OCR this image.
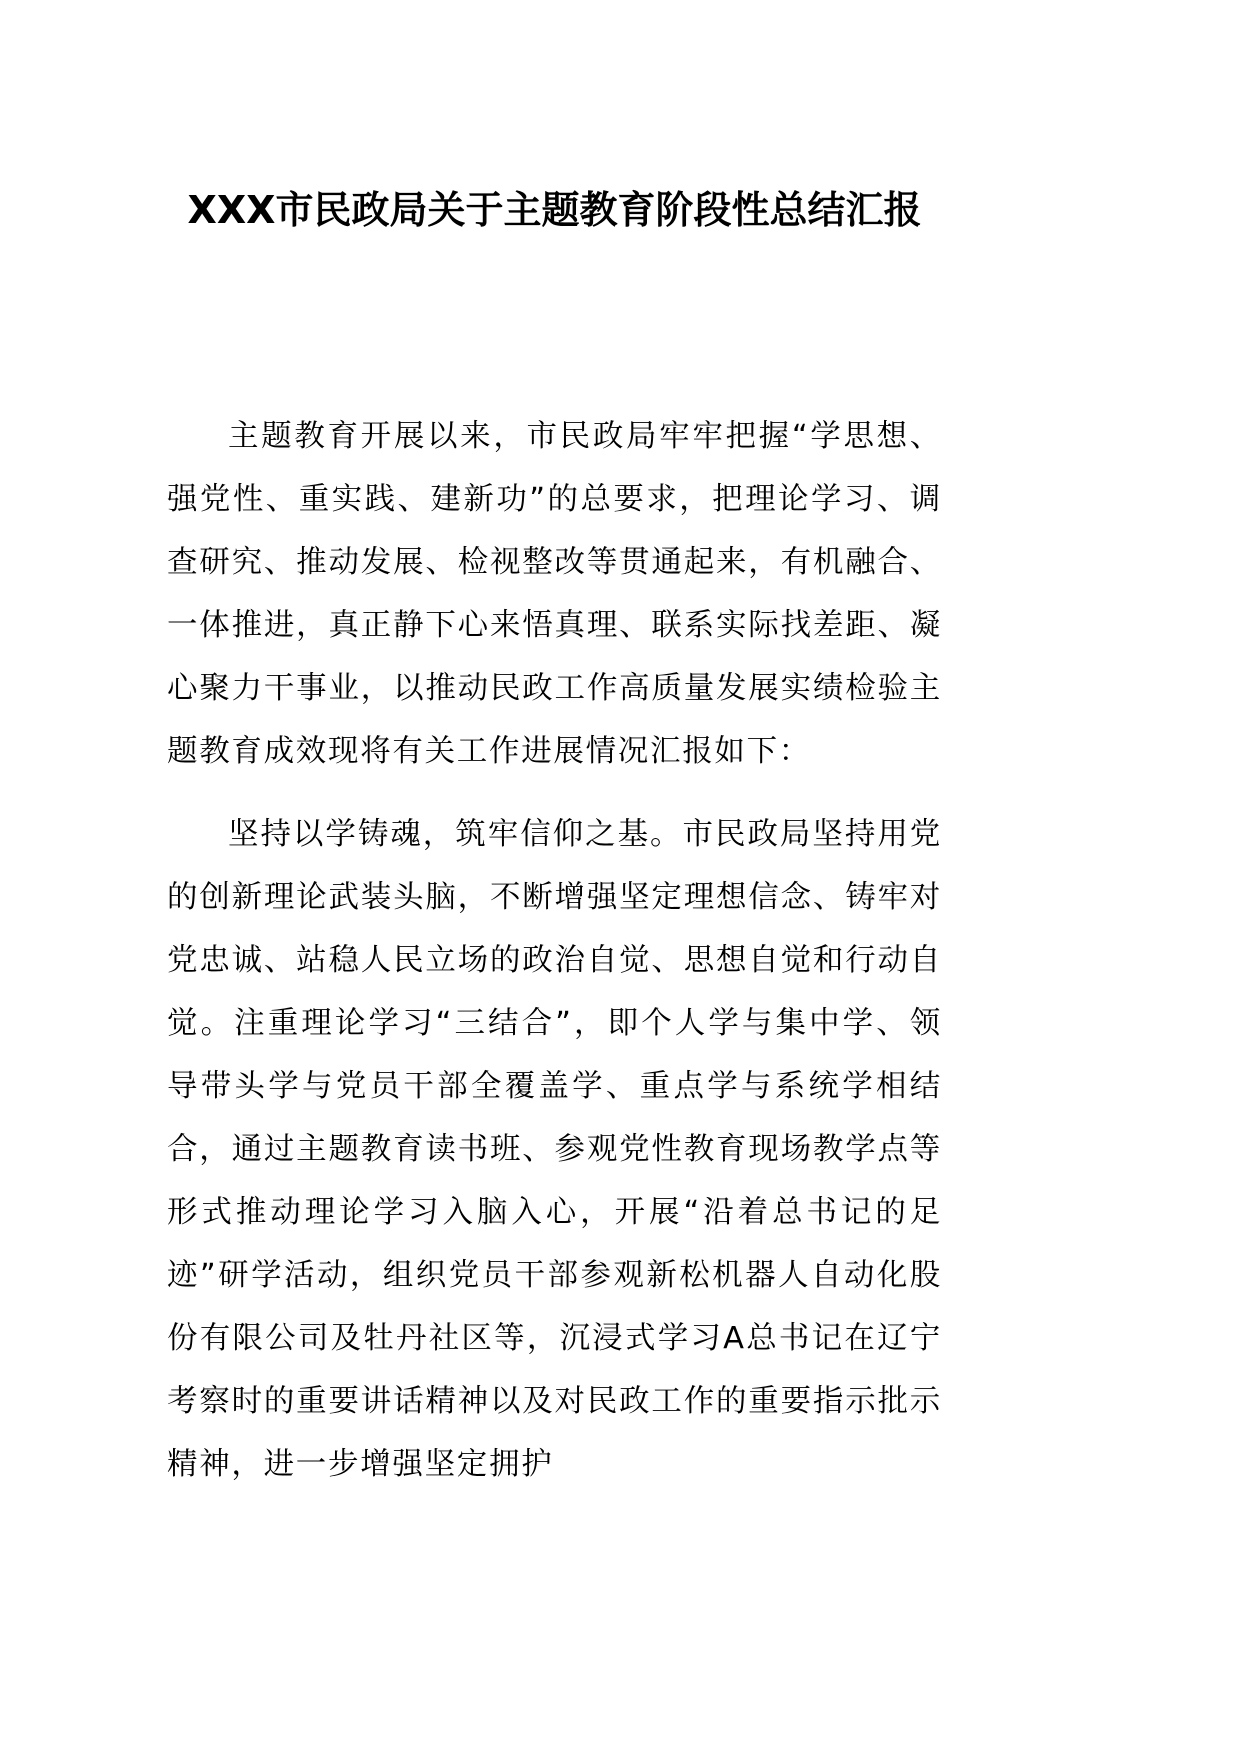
XXX市民政局关于主题教育阶段性总结汇报

主题教育开展以来，市民政局牢牢把握“学思想、强党性、重实践、建新功”的总要求，把理论学习、调查研究、推动发展、检视整改等贯通起来，有机融合、一体推进，真正静下心来悟真理、联系实际找差距、凝心聚力干事业，以推动民政工作高质量发展实绩检验主题教育成效现将有关工作进展情况汇报如下：

坚持以学铸魂，筑牢信仰之基。市民政局坚持用党的创新理论武装头脑，不断增强坚定理想信念、铸牢对党忠诚、站稳人民立场的政治自觉、思想自觉和行动自觉。注重理论学习“三结合”，即个人学与集中学、领导带头学与党员干部全覆盖学、重点学与系统学相结合，通过主题教育读书班、参观党性教育现场教学点等形式推动理论学习入脑入心，开展“沿着总书记的足迹”研学活动，组织党员干部参观新松机器人自动化股份有限公司及牡丹社区等，沉浸式学习A总书记在辽宁考察时的重要讲话精神以及对民政工作的重要指示批示精神，进一步增强坚定拥护
